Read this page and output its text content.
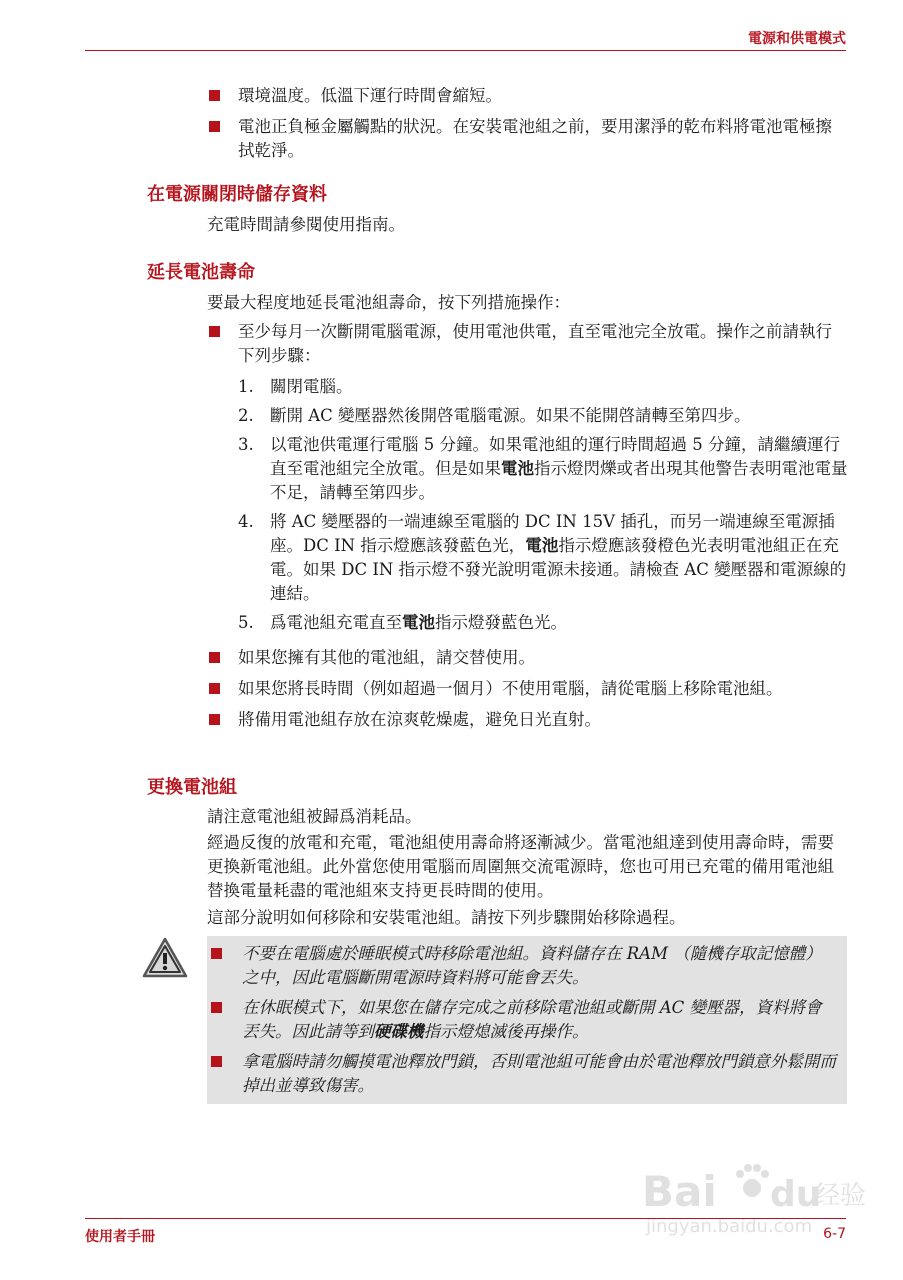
電源和供電模式
環境溫度。低溫下運行時間會縮短。
電池正負極金屬觸點的狀況。在安裝電池組之前，要用潔淨的乾布料將電池電極擦拭乾淨。
在電源關閉時儲存資料
充電時間請參閱使用指南。
延長電池壽命
要最大程度地延長電池組壽命，按下列措施操作：
至少每月一次斷開電腦電源，使用電池供電，直至電池完全放電。操作之前請執行下列步驟：
1. 關閉電腦。
2. 斷開 AC 變壓器然後開啓電腦電源。如果不能開啓請轉至第四步。
3. 以電池供電運行電腦 5 分鐘。如果電池組的運行時間超過 5 分鐘，請繼續運行直至電池組完全放電。但是如果電池指示燈閃爍或者出現其他警告表明電池電量不足，請轉至第四步。
4. 將 AC 變壓器的一端連線至電腦的 DC IN 15V 插孔，而另一端連線至電源插座。DC IN 指示燈應該發藍色光，電池指示燈應該發橙色光表明電池組正在充電。如果 DC IN 指示燈不發光說明電源未接通。請檢查 AC 變壓器和電源線的連結。
5. 爲電池組充電直至電池指示燈發藍色光。
如果您擁有其他的電池組，請交替使用。
如果您將長時間（例如超過一個月）不使用電腦，請從電腦上移除電池組。
將備用電池組存放在涼爽乾燥處，避免日光直射。
更換電池組
請注意電池組被歸爲消耗品。
經過反復的放電和充電，電池組使用壽命將逐漸減少。當電池組達到使用壽命時，需要更換新電池組。此外當您使用電腦而周圍無交流電源時，您也可用已充電的備用電池組替換電量耗盡的電池組來支持更長時間的使用。
這部分說明如何移除和安裝電池組。請按下列步驟開始移除過程。
不要在電腦處於睡眠模式時移除電池組。資料儲存在 RAM （隨機存取記憶體）之中，因此電腦斷開電源時資料將可能會丟失。
在休眠模式下，如果您在儲存完成之前移除電池組或斷開 AC 變壓器，資料將會丟失。因此請等到硬碟機指示燈熄滅後再操作。
拿電腦時請勿觸摸電池釋放門鎖，否則電池組可能會由於電池釋放門鎖意外鬆開而掉出並導致傷害。
Bai du
经验
jingyan.baidu.com
使用者手冊	6-7
